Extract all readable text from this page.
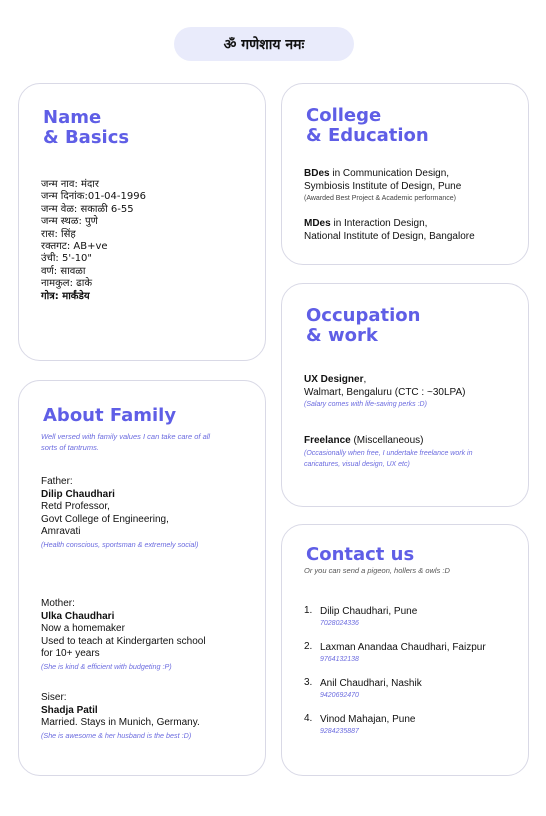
ॐ गणेशाय नमः
Name
& Basics
जन्म नाव: मंदार
जन्म दिनांक:01-04-1996
जन्म वेळ: सकाळी 6-55
जन्म स्थळ: पुणे
रास: सिंह
रक्तगट: AB+ve
उंची: 5'-10"
वर्ण: सावळा
नामकुल: ढाके
गोत्र: मार्कंडेय
College
& Education
BDes in Communication Design,
Symbiosis Institute of Design, Pune
(Awarded Best Project & Academic performance)
MDes in Interaction Design,
National Institute of Design, Bangalore
Occupation
& work
UX Designer,
Walmart, Bengaluru (CTC : ~30LPA)
(Salary comes with life-saving perks :D)
Freelance (Miscellaneous)
(Occasionally when free, I undertake freelance work in caricatures, visual design, UX etc)
About Family
Well versed with family values I can take care of all sorts of tantrums.
Father:
Dilip Chaudhari
Retd Professor,
Govt College of Engineering,
Amravati
(Health conscious, sportsman & extremely social)
Mother:
Ulka Chaudhari
Now a homemaker
Used to teach at Kindergarten school
for 10+ years
(She is kind & efficient with budgeting :P)
Siser:
Shadja Patil
Married. Stays in Munich, Germany.
(She is awesome & her husband is the best :D)
Contact us
Or you can send a pigeon, hollers & owls :D
1. Dilip Chaudhari, Pune
7028024336
2. Laxman Anandaa Chaudhari, Faizpur
9764132138
3. Anil Chaudhari, Nashik
9420692470
4. Vinod Mahajan, Pune
9284235887
